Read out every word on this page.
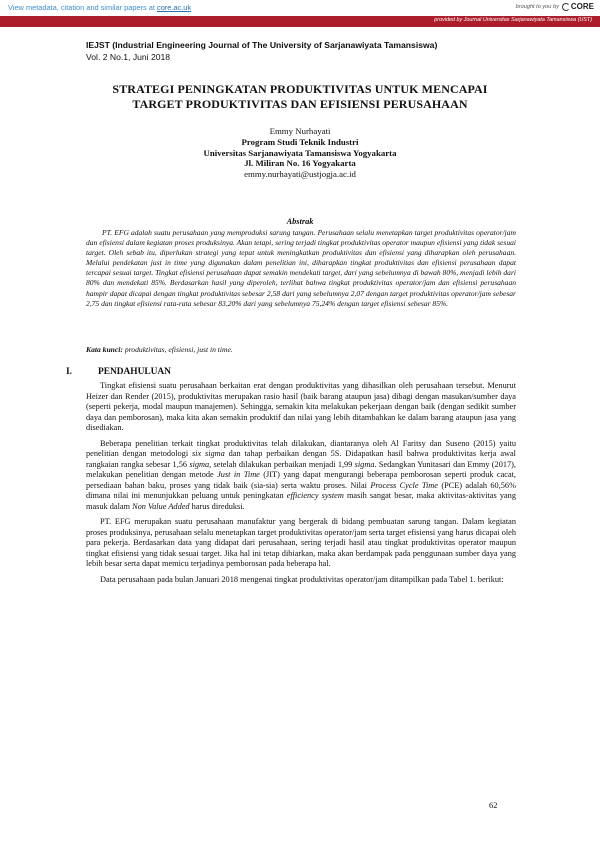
View metadata, citation and similar papers at core.ac.uk	brought to you by CORE
provided by Journal Universitas Sarjanawiyata Tamansiswa (UST)
IEJST (Industrial Engineering Journal of The University of Sarjanawiyata Tamansiswa)
Vol. 2 No.1, Juni 2018
STRATEGI PENINGKATAN PRODUKTIVITAS UNTUK MENCAPAI
TARGET PRODUKTIVITAS DAN EFISIENSI PERUSAHAAN
Emmy Nurhayati
Program Studi Teknik Industri
Universitas Sarjanawiyata Tamansiswa Yogyakarta
Jl. Miliran No. 16 Yogyakarta
emmy.nurhayati@ustjogja.ac.id
Abstrak
PT. EFG adalah suatu perusahaan yang memproduksi sarung tangan. Perusahaan selalu menetapkan target produktivitas operator/jam dan efisiensi dalam kegiatan proses produksinya. Akan tetapi, sering terjadi tingkat produktivitas operator maupun efisiensi yang tidak sesuai target. Oleh sebab itu, diperlukan strategi yang tepat untuk meningkatkan produktivitas dan efisiensi yang diharapkan oleh perusahaan. Melalui pendekatan just in time yang digunakan dalam penelitian ini, diharapkan tingkat produktivitas dan efisiensi perusahaan dapat tercapai sesuai target. Tingkat efisiensi perusahaan dapat semakin mendekati target, dari yang sebelumnya di bawah 80%, menjadi lebih dari 80% dan mendekati 85%. Berdasarkan hasil yang diperoleh, terlihat bahwa tingkat produktivitas operator/jam dan efisiensi perusahaan hampir dapat dicapai dengan tingkat produktivitas sebesar 2,58 dari yang sebelumnya 2,07 dengan target produktivitas operator/jam sebesar 2,75 dan tingkat efisiensi rata-rata sebesar 83,20% dari yang sebelumnya 75,24% dengan target efisiensi sebesar 85%.
Kata kunci: produktivitas, efisiensi, just in time.
I.	PENDAHULUAN

Tingkat efisiensi suatu perusahaan berkaitan erat dengan produktivitas yang dihasilkan oleh perusahaan tersebut. Menurut Heizer dan Render (2015), produktivitas merupakan rasio hasil (baik barang ataupun jasa) dibagi dengan masukan/sumber daya (seperti pekerja, modal maupun manajemen). Sehingga, semakin kita melakukan pekerjaan dengan baik (dengan sedikit sumber daya dan pemborosan), maka kita akan semakin produktif dan nilai yang lebih ditambahkan ke dalam barang ataupun jasa yang disediakan.

Beberapa penelitian terkait tingkat produktivitas telah dilakukan, diantaranya oleh Al Faritsy dan Suseno (2015) yaitu penelitian dengan metodologi six sigma dan tahap perbaikan dengan 5S. Didapatkan hasil bahwa produktivitas kerja awal rangkaian rangka sebesar 1,56 sigma, setelah dilakukan perbaikan menjadi 1,99 sigma. Sedangkan Yunitasari dan Emmy (2017), melakukan penelitian dengan metode Just in Time (JIT) yang dapat mengurangi beberapa pemborosan seperti produk cacat, persediaan bahan baku, proses yang tidak baik (sia-sia) serta waktu proses. Nilai Process Cycle Time (PCE) adalah 60,56% dimana nilai ini menunjukkan peluang untuk peningkatan efficiency system masih sangat besar, maka aktivitas-aktivitas yang masuk dalam Non Value Added harus direduksi.

PT. EFG merupakan suatu perusahaan manufaktur yang bergerak di bidang pembuatan sarung tangan. Dalam kegiatan proses produksinya, perusahaan selalu menetapkan target produktivitas operator/jam serta target efisiensi yang harus dicapai oleh para pekerja. Berdasarkan data yang didapat dari perusahaan, sering terjadi hasil atau tingkat produktivitas operator maupun tingkat efisiensi yang tidak sesuai target. Jika hal ini tetap dibiarkan, maka akan berdampak pada penggunaan sumber daya yang lebih besar serta dapat memicu terjadinya pemborosan pada beberapa hal.

Data perusahaan pada bulan Januari 2018 mengenai tingkat produktivitas operator/jam ditampilkan pada Tabel 1. berikut:

62
